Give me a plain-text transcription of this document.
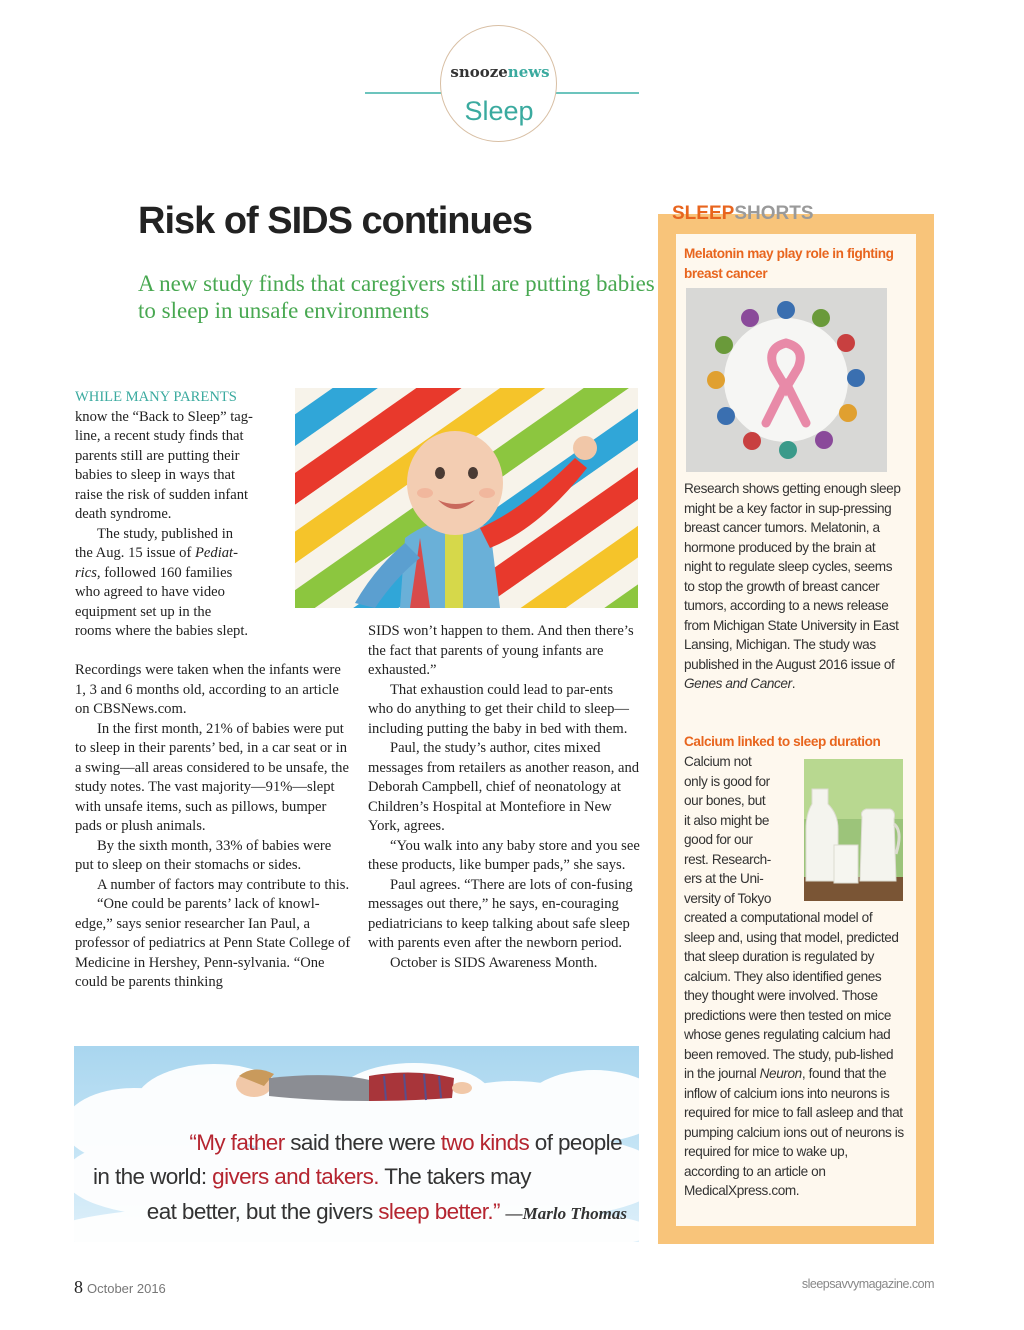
snoozenews
Sleep
Risk of SIDS continues
A new study finds that caregivers still are putting babies to sleep in unsafe environments

WHILE MANY PARENTS

know the “Back to Sleep” tag-

line, a recent study finds that

parents still are putting their

babies to sleep in ways that

raise the risk of sudden infant

death syndrome.

The study, published in

the Aug. 15 issue of Pediat-

rics, followed 160 families

who agreed to have video

equipment set up in the

rooms where the babies slept.

Recordings were taken when the infants were 1, 3 and 6 months old, according to an article on CBSNews.com.

In the first month, 21% of babies were put to sleep in their parents’ bed, in a car seat or in a swing—all areas considered to be unsafe, the study notes. The vast majority—91%—slept with unsafe items, such as pillows, bumper pads or plush animals.

By the sixth month, 33% of babies were put to sleep on their stomachs or sides.

A number of factors may contribute to this.

“One could be parents’ lack of knowl-edge,” says senior researcher Ian Paul, a professor of pediatrics at Penn State College of Medicine in Hershey, Penn-sylvania. “One could be parents thinking

SIDS won’t happen to them. And then there’s the fact that parents of young infants are exhausted.”

That exhaustion could lead to par-ents who do anything to get their child to sleep—including putting the baby in bed with them.

Paul, the study’s author, cites mixed messages from retailers as another reason, and Deborah Campbell, chief of neonatology at Children’s Hospital at Montefiore in New York, agrees.

“You walk into any baby store and you see these products, like bumper pads,” she says.

Paul agrees. “There are lots of con-fusing messages out there,” he says, en-couraging pediatricians to keep talking about safe sleep with parents even after the newborn period.

October is SIDS Awareness Month.

“My father said there were two kinds of people
in the world: givers and takers. The takers may
eat better, but the givers sleep better.” —Marlo Thomas
SLEEPSHORTS
Melatonin may play role in fighting breast cancer
Research shows getting enough sleep might be a key factor in sup-pressing breast cancer tumors. Melatonin, a hormone produced by the brain at night to regulate sleep cycles, seems to stop the growth of breast cancer tumors, according to a news release from Michigan State University in East Lansing, Michigan. The study was published in the August 2016 issue of Genes and Cancer.
Calcium linked to sleep duration
Calcium not
only is good for
our bones, but
it also might be
good for our
rest. Research-
ers at the Uni-
versity of Tokyo
created a computational model of sleep and, using that model, predicted that sleep duration is regulated by calcium. They also identified genes they thought were involved. Those predictions were then tested on mice whose genes regulating calcium had been removed. The study, pub-lished in the journal Neuron, found that the inflow of calcium ions into neurons is required for mice to fall asleep and that pumping calcium ions out of neurons is required for mice to wake up, according to an article on MedicalXpress.com.
8 October 2016	sleepsavvymagazine.com
